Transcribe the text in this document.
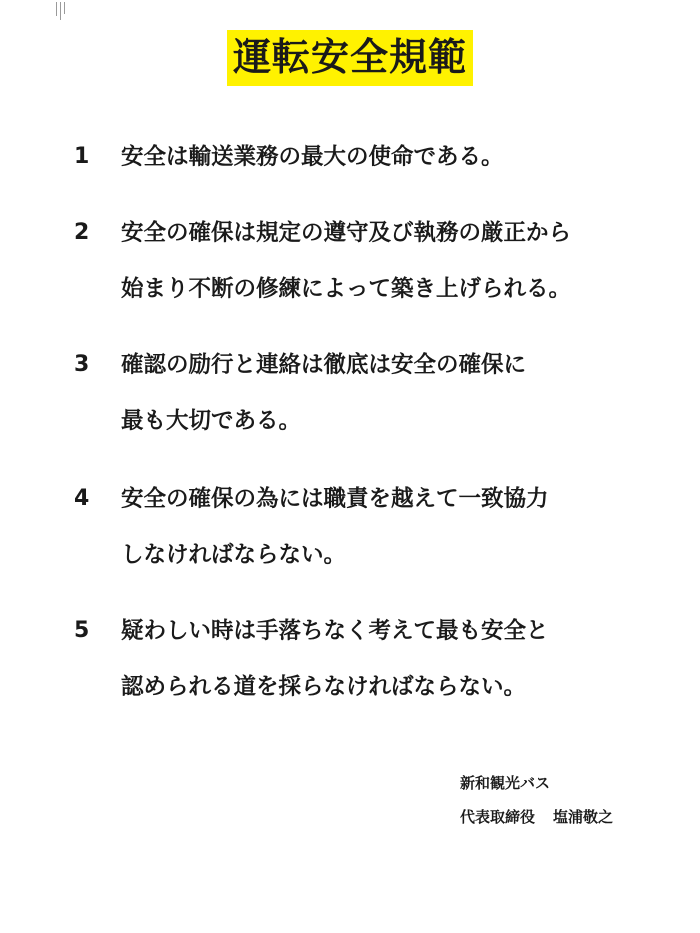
運転安全規範
1 安全は輸送業務の最大の使命である。
2 安全の確保は規定の遵守及び執務の厳正から
始まり不断の修練によって築き上げられる。
3 確認の励行と連絡は徹底は安全の確保に
最も大切である。
4 安全の確保の為には職責を越えて一致協力
しなければならない。
5 疑わしい時は手落ちなく考えて最も安全と
認められる道を採らなければならない。
新和観光バス
代表取締役 塩浦敬之
